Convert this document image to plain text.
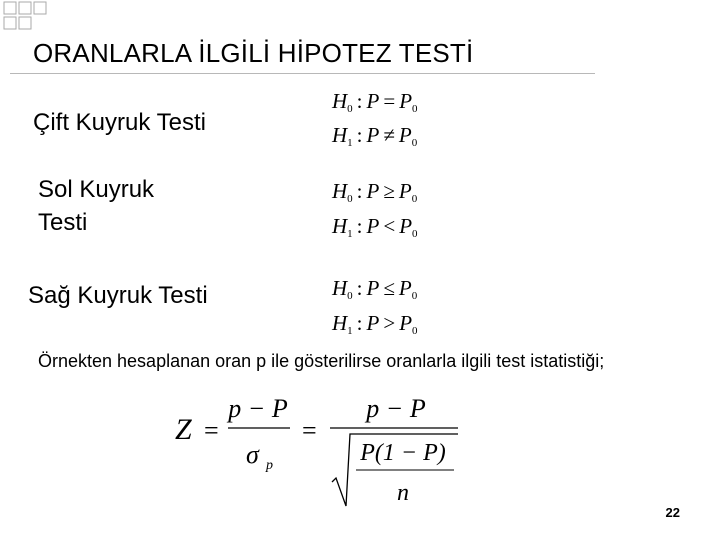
ORANLARLA İLGİLİ HİPOTEZ TESTİ
Çift Kuyruk Testi
$H_0$ : $P = P_0$
$H_1$ : $P \ne P_0$
Sol Kuyruk
Testi
$H_0$ : $P \ge P_0$
$H_1$ : $P < P_0$
Sağ Kuyruk Testi	$H_0$ : $P \le P_0$
$H_1$ : $P > P_0$
Örnekten hesaplanan oran p ile gösterilirse oranlarla ilgili test istatistiği;
Z =
p − P
σ p
=
p − P
P(1 − P)
n
22
